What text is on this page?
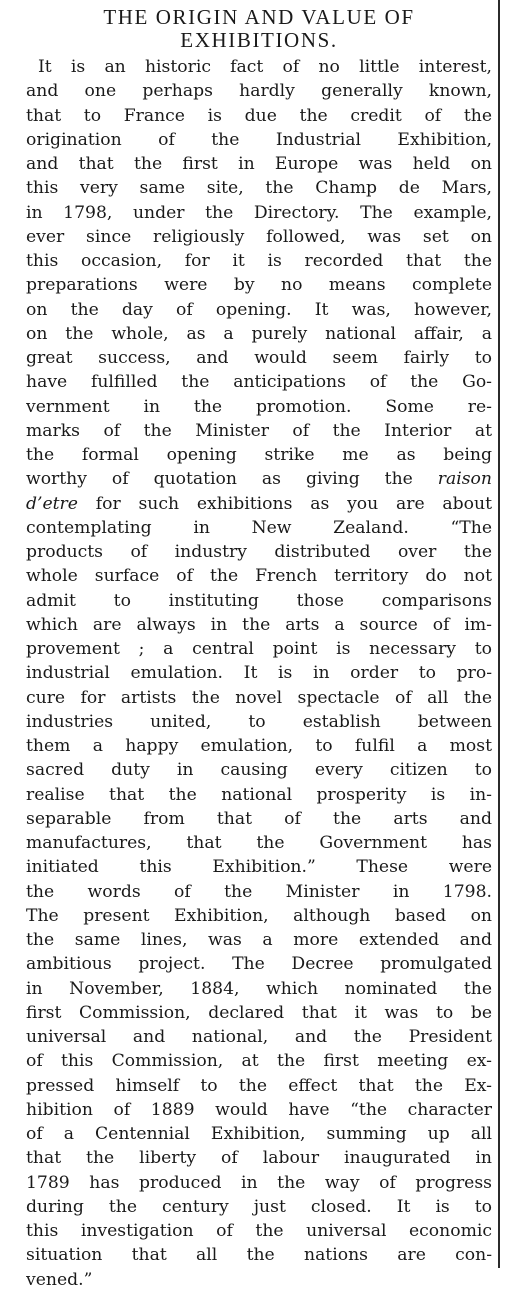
THE ORIGIN AND VALUE OF
EXHIBITIONS.
It is an historic fact of no little interest,
and one perhaps hardly generally known,
that to France is due the credit of the
origination of the Industrial Exhibition,
and that the first in Europe was held on
this very same site, the Champ de Mars,
in 1798, under the Directory. The example,
ever since religiously followed, was set on
this occasion, for it is recorded that the
preparations were by no means complete
on the day of opening. It was, however,
on the whole, as a purely national affair, a
great success, and would seem fairly to
have fulfilled the anticipations of the Go-
vernment in the promotion. Some re-
marks of the Minister of the Interior at
the formal opening strike me as being
worthy of quotation as giving the raison
d’etre for such exhibitions as you are about
contemplating in New Zealand. “The
products of industry distributed over the
whole surface of the French territory do not
admit to instituting those comparisons
which are always in the arts a source of im-
provement ; a central point is necessary to
industrial emulation. It is in order to pro-
cure for artists the novel spectacle of all the
industries united, to establish between
them a happy emulation, to fulfil a most
sacred duty in causing every citizen to
realise that the national prosperity is in-
separable from that of the arts and
manufactures, that the Government has
initiated this Exhibition.” These were
the words of the Minister in 1798.
The present Exhibition, although based on
the same lines, was a more extended and
ambitious project. The Decree promulgated
in November, 1884, which nominated the
first Commission, declared that it was to be
universal and national, and the President
of this Commission, at the first meeting ex-
pressed himself to the effect that the Ex-
hibition of 1889 would have “the character
of a Centennial Exhibition, summing up all
that the liberty of labour inaugurated in
1789 has produced in the way of progress
during the century just closed. It is to
this investigation of the universal economic
situation that all the nations are con-
vened.”
